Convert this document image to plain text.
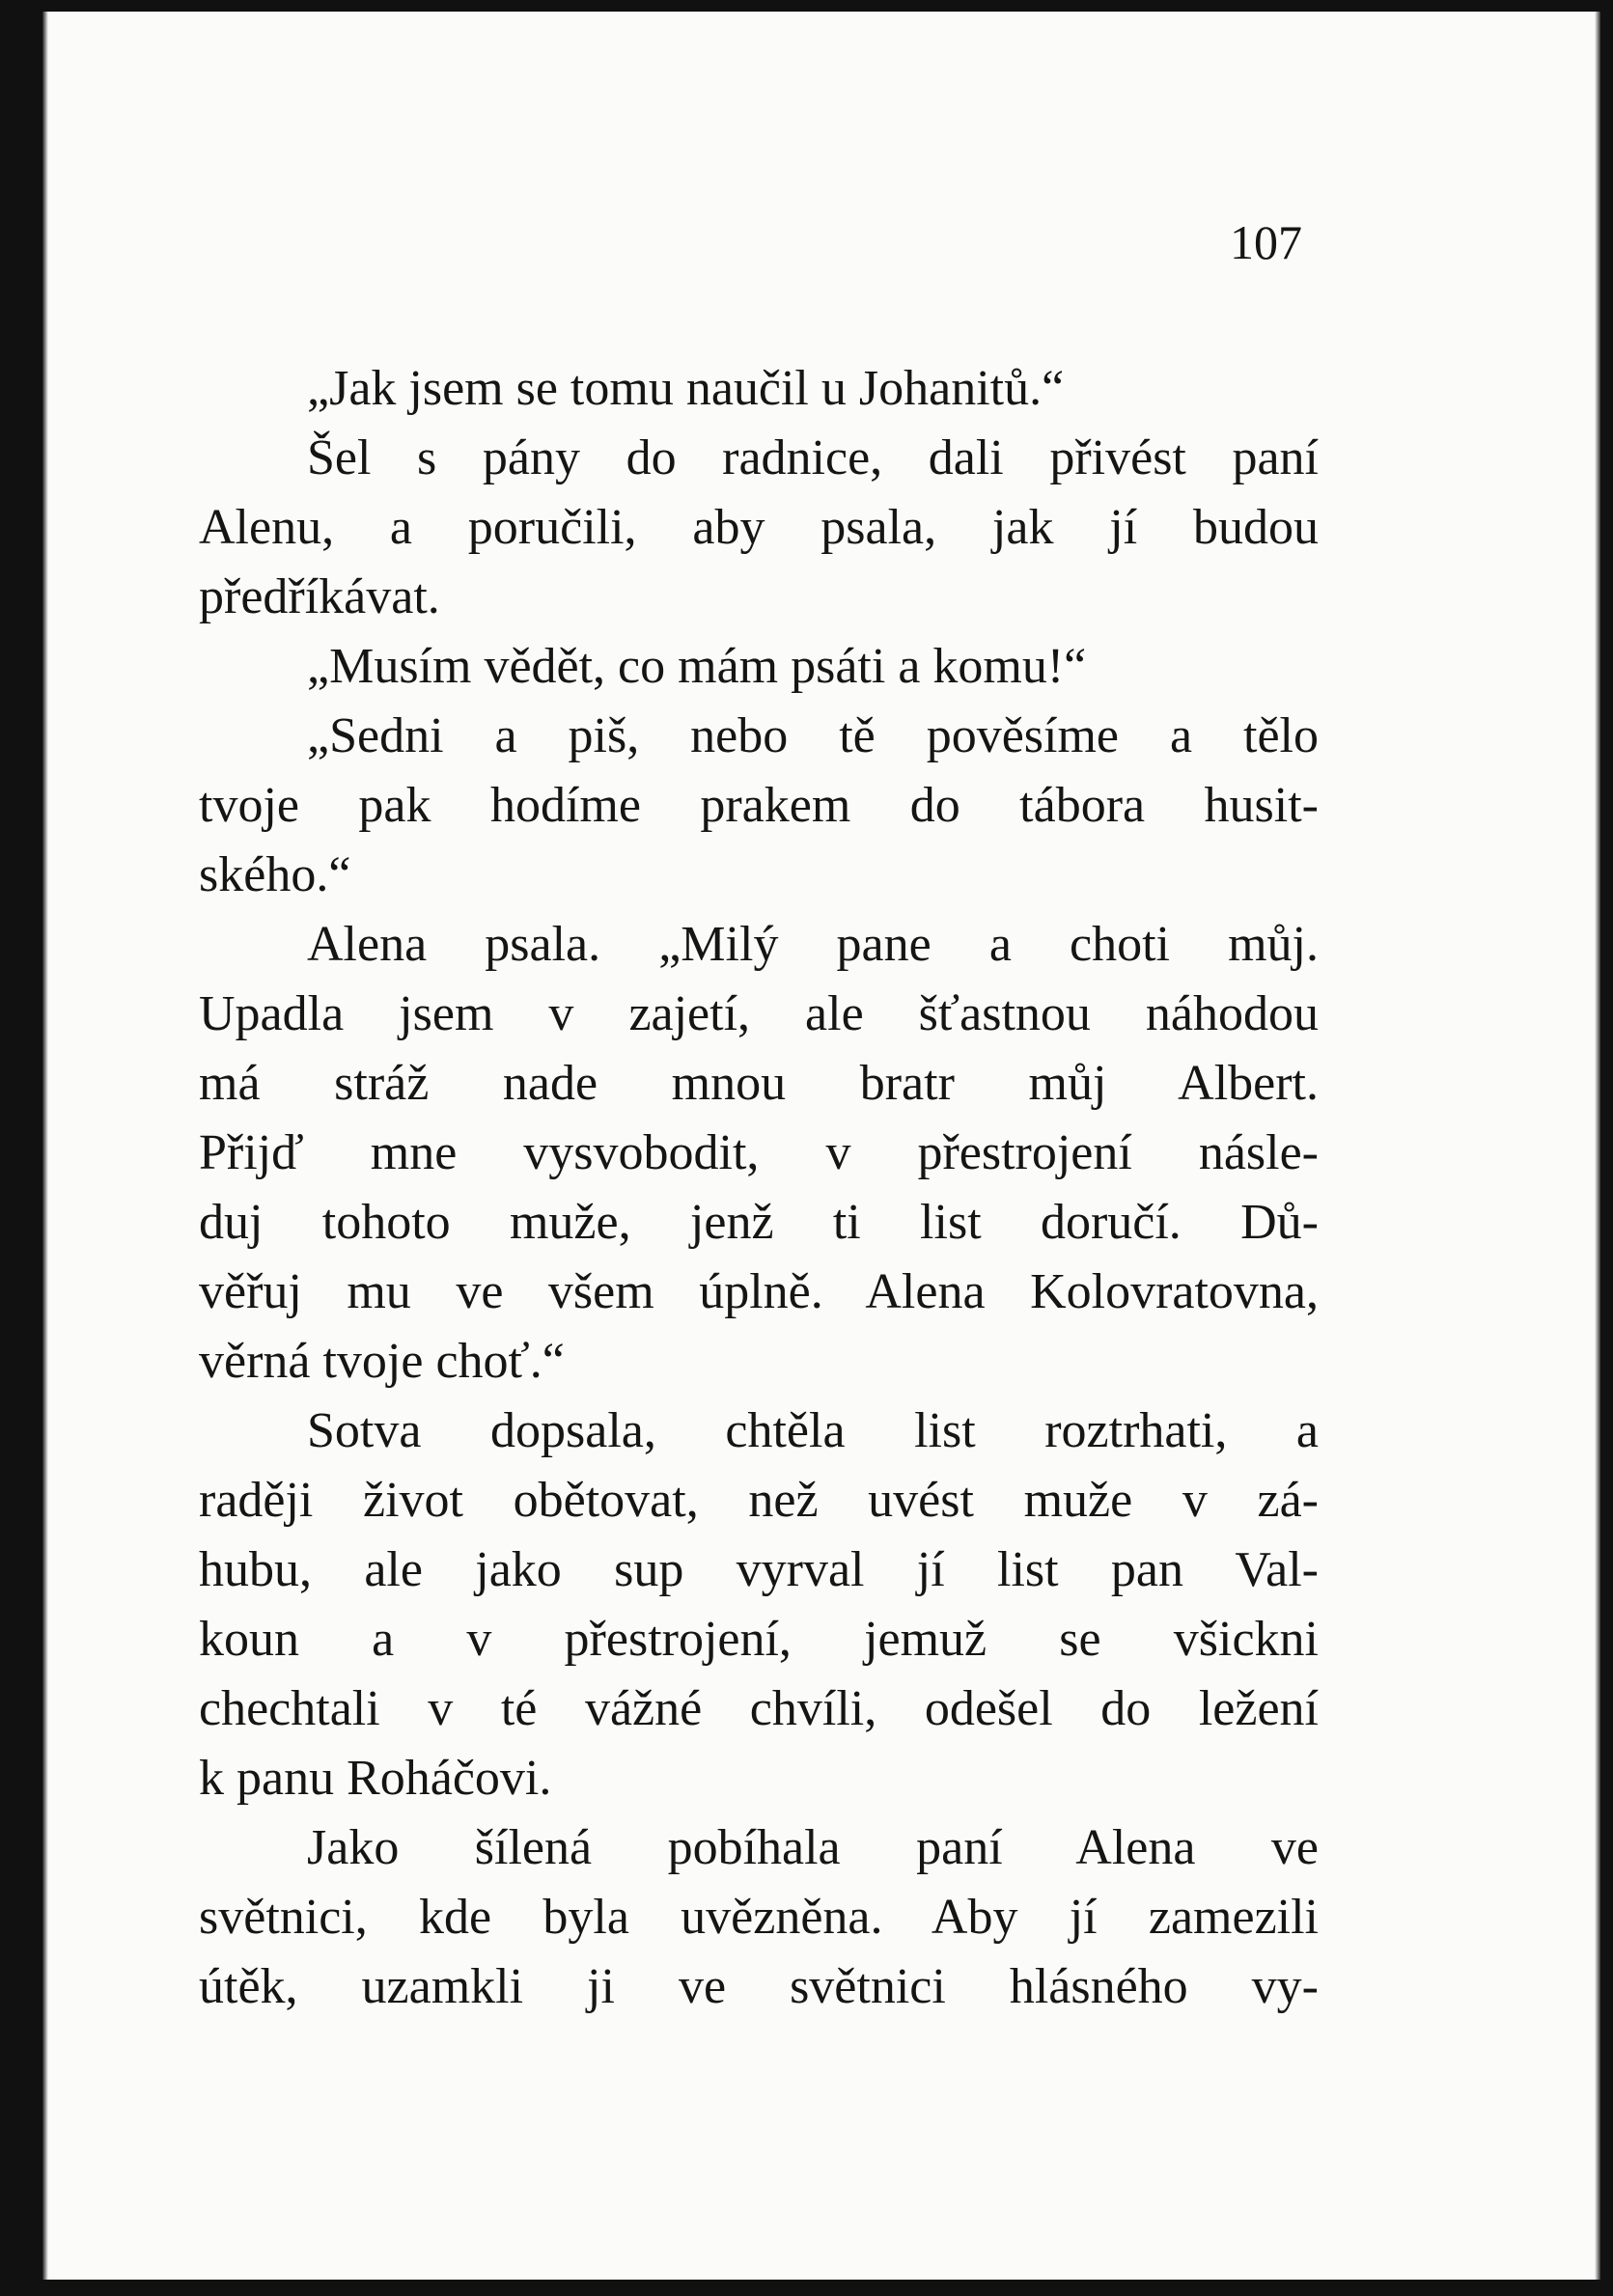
107
„Jak jsem se tomu naučil u Johanitů.“
Šel s pány do radnice, dali přivést paní
Alenu, a poručili, aby psala, jak jí budou
předříkávat.
„Musím vědět, co mám psáti a komu!“
„Sedni a piš, nebo tě pověsíme a tělo
tvoje pak hodíme prakem do tábora husit-
ského.“
Alena psala. „Milý pane a choti můj.
Upadla jsem v zajetí, ale šťastnou náhodou
má stráž nade mnou bratr můj Albert.
Přijď mne vysvobodit, v přestrojení násle-
duj tohoto muže, jenž ti list doručí. Dů-
věřuj mu ve všem úplně. Alena Kolovratovna,
věrná tvoje choť.“
Sotva dopsala, chtěla list roztrhati, a
raději život obětovat, než uvést muže v zá-
hubu, ale jako sup vyrval jí list pan Val-
koun a v přestrojení, jemuž se všickni
chechtali v té vážné chvíli, odešel do ležení
k panu Roháčovi.
Jako šílená pobíhala paní Alena ve
světnici, kde byla uvězněna. Aby jí zamezili
útěk, uzamkli ji ve světnici hlásného vy-
